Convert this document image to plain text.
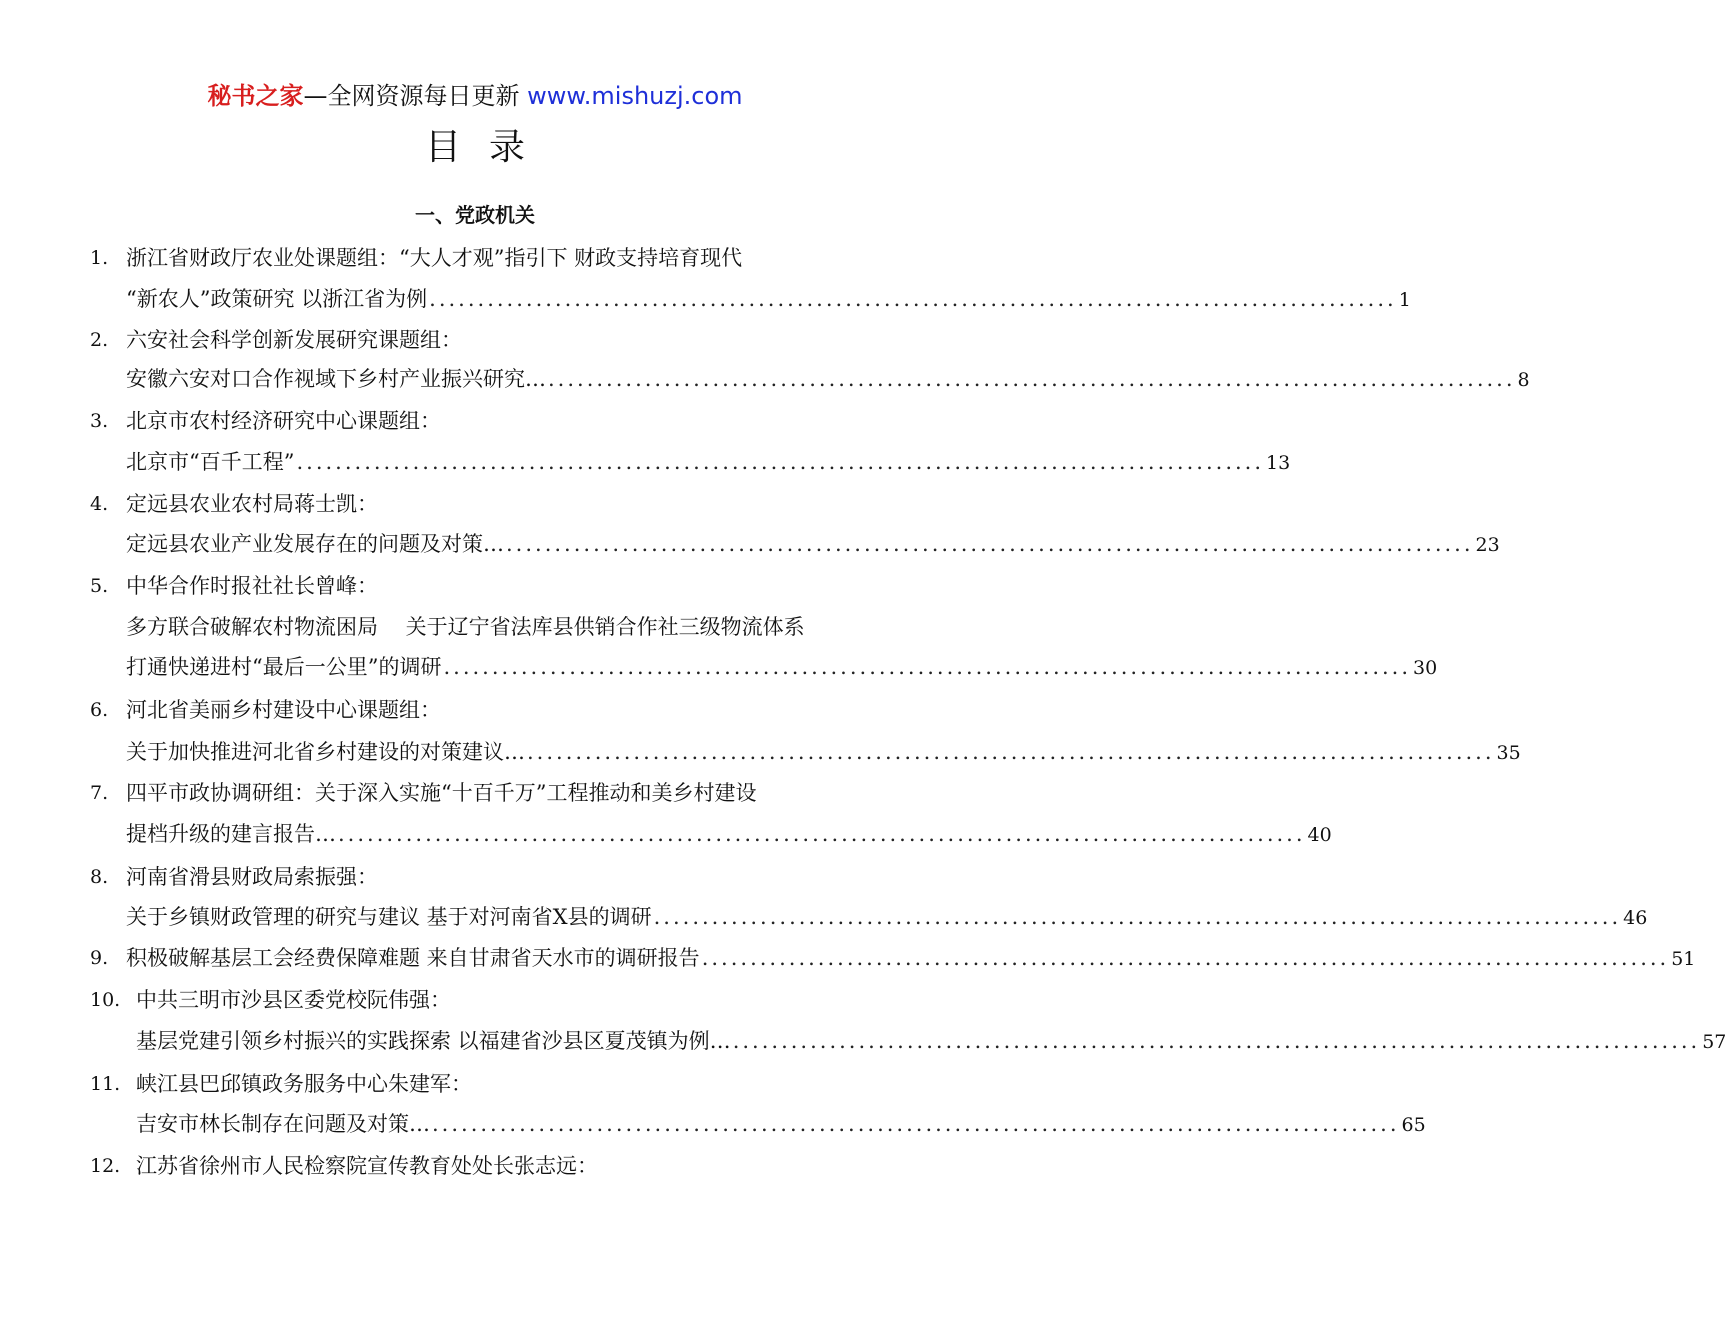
秘书之家—全网资源每日更新 www.mishuzj.com
目录
一、党政机关
1. 浙江省财政厅农业处课题组：“大人才观”指引下 财政支持培育现代
“新农人”政策研究 以浙江省为例 .................................................................................................... 1
2. 六安社会科学创新发展研究课题组：
安徽六安对口合作视域下乡村产业振兴研究… .................................................................................................... 8
3. 北京市农村经济研究中心课题组：
北京市“百千工程” .................................................................................................... 13
4. 定远县农业农村局蒋士凯：
定远县农业产业发展存在的问题及对策… .................................................................................................... 23
5. 中华合作时报社社长曾峰：
多方联合破解农村物流困局　 关于辽宁省法库县供销合作社三级物流体系
打通快递进村“最后一公里”的调研 .................................................................................................... 30
6. 河北省美丽乡村建设中心课题组：
关于加快推进河北省乡村建设的对策建议… .................................................................................................... 35
7. 四平市政协调研组：关于深入实施“十百千万”工程推动和美乡村建设
提档升级的建言报告… .................................................................................................... 40
8. 河南省滑县财政局索振强：
关于乡镇财政管理的研究与建议 基于对河南省X县的调研 .................................................................................................... 46
9. 积极破解基层工会经费保障难题 来自甘肃省天水市的调研报告 .................................................................................................... 51
10. 中共三明市沙县区委党校阮伟强：
基层党建引领乡村振兴的实践探索 以福建省沙县区夏茂镇为例… .................................................................................................... 57
11. 峡江县巴邱镇政务服务中心朱建军：
吉安市林长制存在问题及对策… .................................................................................................... 65
12. 江苏省徐州市人民检察院宣传教育处处长张志远：
